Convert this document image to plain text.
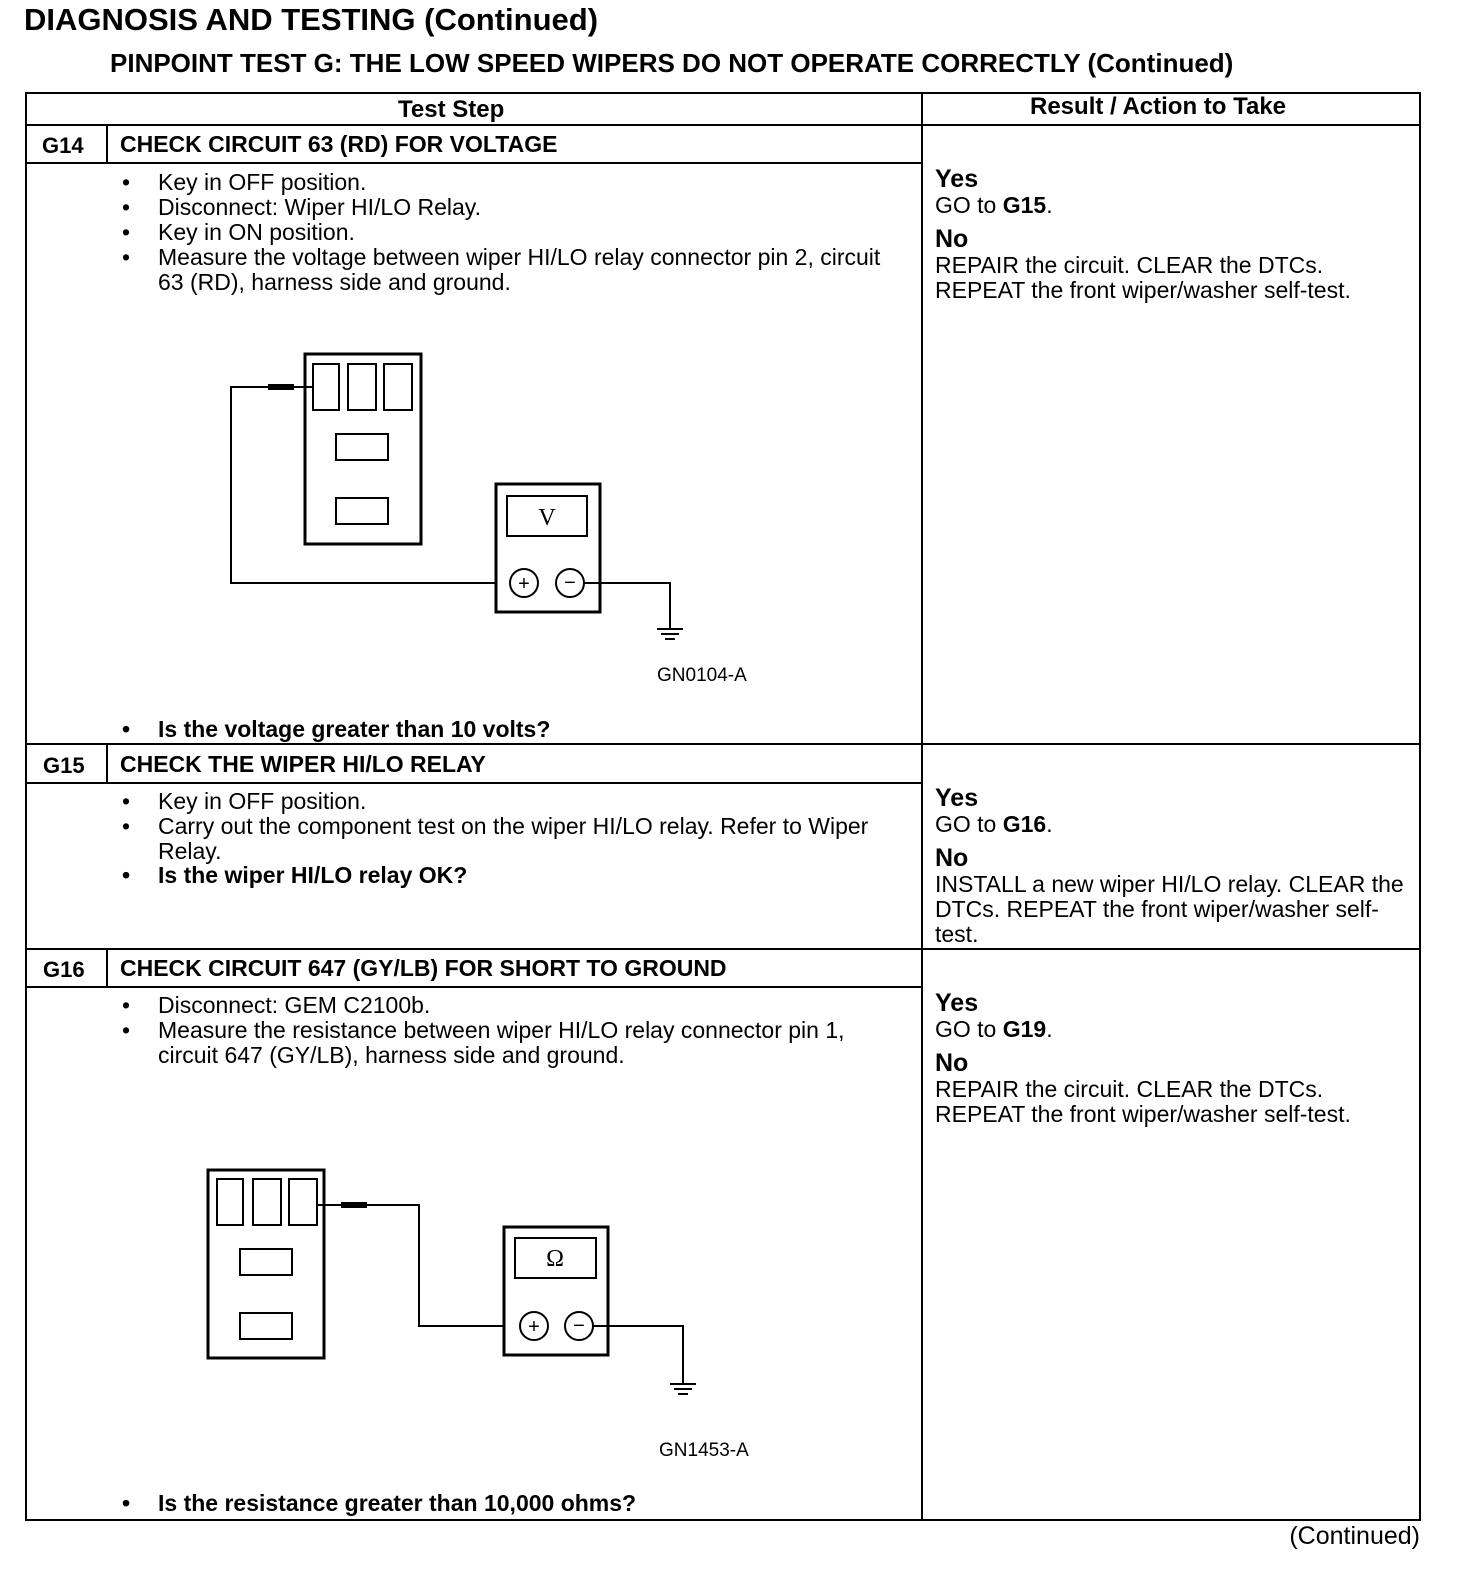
DIAGNOSIS AND TESTING (Continued)
PINPOINT TEST G: THE LOW SPEED WIPERS DO NOT OPERATE CORRECTLY (Continued)
Test Step	Result / Action to Take
G14 CHECK CIRCUIT 63 (RD) FOR VOLTAGE
• Key in OFF position.
• Disconnect: Wiper HI/LO Relay.
• Key in ON position.
• Measure the voltage between wiper HI/LO relay connector pin 2, circuit 63 (RD), harness side and ground.
V
+ −
GN0104-A
• Is the voltage greater than 10 volts?
Yes
GO to G15.
No
REPAIR the circuit. CLEAR the DTCs. REPEAT the front wiper/washer self-test.
G15 CHECK THE WIPER HI/LO RELAY
• Key in OFF position.
• Carry out the component test on the wiper HI/LO relay. Refer to Wiper Relay.
• Is the wiper HI/LO relay OK?
Yes
GO to G16.
No
INSTALL a new wiper HI/LO relay. CLEAR the DTCs. REPEAT the front wiper/washer self-test.
G16 CHECK CIRCUIT 647 (GY/LB) FOR SHORT TO GROUND
• Disconnect: GEM C2100b.
• Measure the resistance between wiper HI/LO relay connector pin 1, circuit 647 (GY/LB), harness side and ground.
Ω
+ −
GN1453-A
• Is the resistance greater than 10,000 ohms?
Yes
GO to G19.
No
REPAIR the circuit. CLEAR the DTCs. REPEAT the front wiper/washer self-test.
(Continued)
